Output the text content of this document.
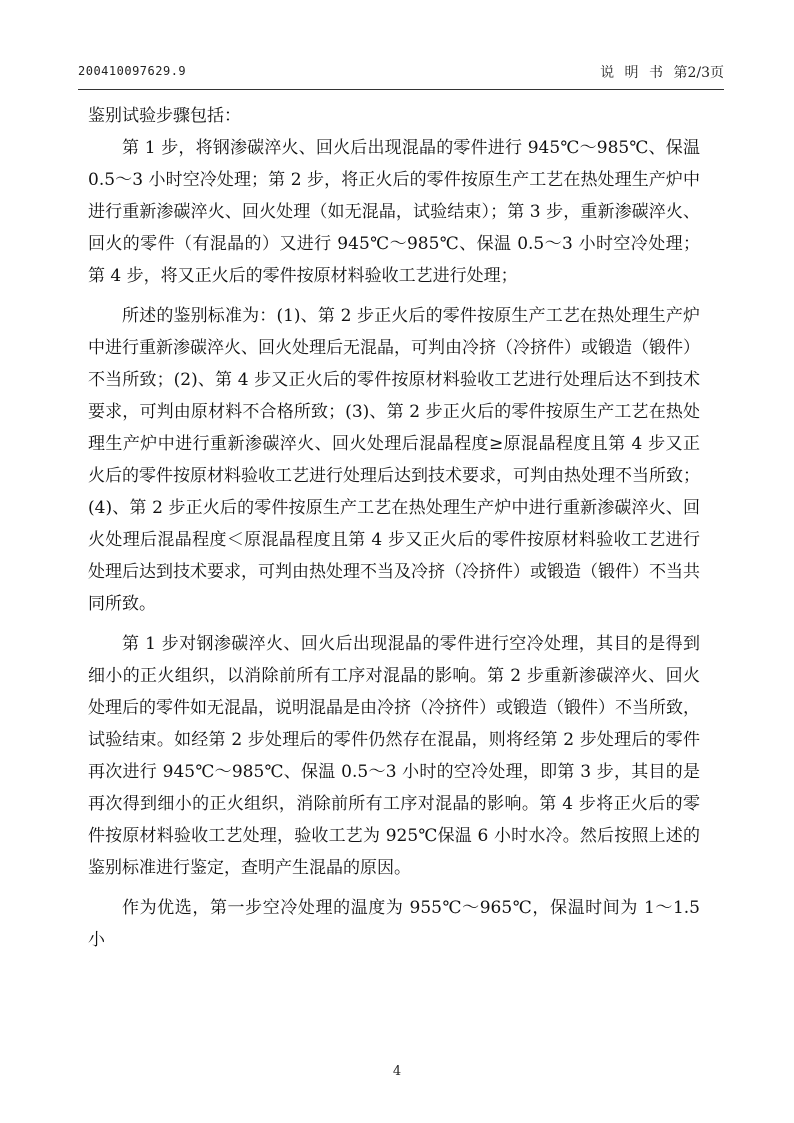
200410097629.9	说 明 书 第2/3页

鉴别试验步骤包括：

第 1 步，将钢渗碳淬火、回火后出现混晶的零件进行 945℃～985℃、保温 0.5～3 小时空冷处理；第 2 步，将正火后的零件按原生产工艺在热处理生产炉中进行重新渗碳淬火、回火处理（如无混晶，试验结束）；第 3 步，重新渗碳淬火、回火的零件（有混晶的）又进行 945℃～985℃、保温 0.5～3 小时空冷处理；第 4 步，将又正火后的零件按原材料验收工艺进行处理；

所述的鉴别标准为：(1)、第 2 步正火后的零件按原生产工艺在热处理生产炉中进行重新渗碳淬火、回火处理后无混晶，可判由冷挤（冷挤件）或锻造（锻件）不当所致；(2)、第 4 步又正火后的零件按原材料验收工艺进行处理后达不到技术要求，可判由原材料不合格所致；(3)、第 2 步正火后的零件按原生产工艺在热处理生产炉中进行重新渗碳淬火、回火处理后混晶程度≥原混晶程度且第 4 步又正火后的零件按原材料验收工艺进行处理后达到技术要求，可判由热处理不当所致；(4)、第 2 步正火后的零件按原生产工艺在热处理生产炉中进行重新渗碳淬火、回火处理后混晶程度＜原混晶程度且第 4 步又正火后的零件按原材料验收工艺进行处理后达到技术要求，可判由热处理不当及冷挤（冷挤件）或锻造（锻件）不当共同所致。

第 1 步对钢渗碳淬火、回火后出现混晶的零件进行空冷处理，其目的是得到细小的正火组织，以消除前所有工序对混晶的影响。第 2 步重新渗碳淬火、回火处理后的零件如无混晶，说明混晶是由冷挤（冷挤件）或锻造（锻件）不当所致，试验结束。如经第 2 步处理后的零件仍然存在混晶，则将经第 2 步处理后的零件再次进行 945℃～985℃、保温 0.5～3 小时的空冷处理，即第 3 步，其目的是再次得到细小的正火组织，消除前所有工序对混晶的影响。第 4 步将正火后的零件按原材料验收工艺处理，验收工艺为 925℃保温 6 小时水冷。然后按照上述的鉴别标准进行鉴定，查明产生混晶的原因。

作为优选，第一步空冷处理的温度为 955℃～965℃，保温时间为 1～1.5 小

4
